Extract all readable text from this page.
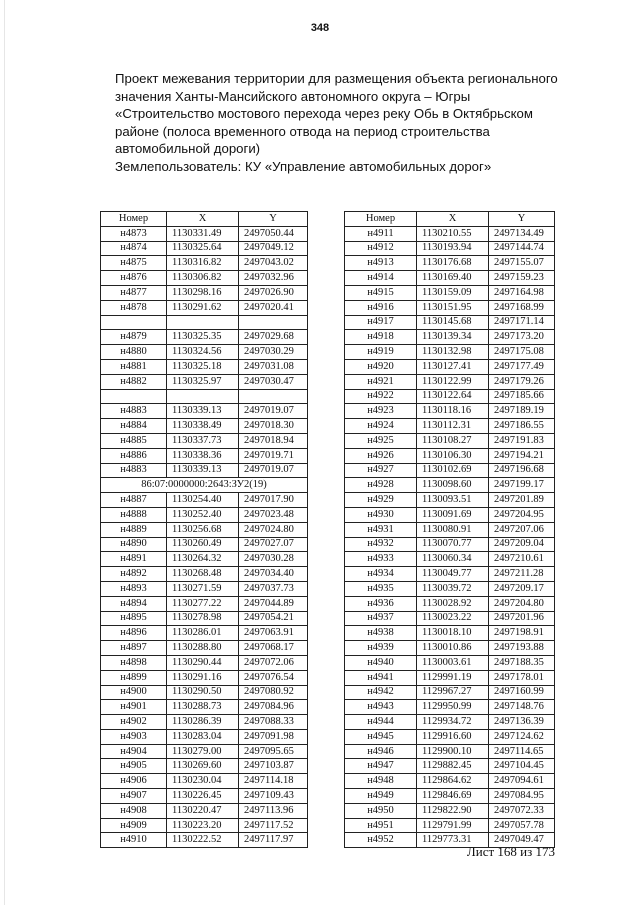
348
Проект межевания территории для размещения объекта регионального
значения Ханты-Мансийского автономного округа – Югры
«Строительство мостового перехода через реку Обь в Октябрьском
районе (полоса временного отвода на период строительства
автомобильной дороги)
Землепользователь: КУ «Управление автомобильных дорог»
Номер	X	Y
н4873	1130331.49	2497050.44
н4874	1130325.64	2497049.12
н4875	1130316.82	2497043.02
н4876	1130306.82	2497032.96
н4877	1130298.16	2497026.90
н4878	1130291.62	2497020.41

н4879	1130325.35	2497029.68
н4880	1130324.56	2497030.29
н4881	1130325.18	2497031.08
н4882	1130325.97	2497030.47

н4883	1130339.13	2497019.07
н4884	1130338.49	2497018.30
н4885	1130337.73	2497018.94
н4886	1130338.36	2497019.71
н4883	1130339.13	2497019.07
86:07:0000000:2643:ЗУ2(19)		
н4887	1130254.40	2497017.90
н4888	1130252.40	2497023.48
н4889	1130256.68	2497024.80
н4890	1130260.49	2497027.07
н4891	1130264.32	2497030.28
н4892	1130268.48	2497034.40
н4893	1130271.59	2497037.73
н4894	1130277.22	2497044.89
н4895	1130278.98	2497054.21
н4896	1130286.01	2497063.91
н4897	1130288.80	2497068.17
н4898	1130290.44	2497072.06
н4899	1130291.16	2497076.54
н4900	1130290.50	2497080.92
н4901	1130288.73	2497084.96
н4902	1130286.39	2497088.33
н4903	1130283.04	2497091.98
н4904	1130279.00	2497095.65
н4905	1130269.60	2497103.87
н4906	1130230.04	2497114.18
н4907	1130226.45	2497109.43
н4908	1130220.47	2497113.96
н4909	1130223.20	2497117.52
н4910	1130222.52	2497117.97
Номер	X	Y
н4911	1130210.55	2497134.49
н4912	1130193.94	2497144.74
н4913	1130176.68	2497155.07
н4914	1130169.40	2497159.23
н4915	1130159.09	2497164.98
н4916	1130151.95	2497168.99
н4917	1130145.68	2497171.14
н4918	1130139.34	2497173.20
н4919	1130132.98	2497175.08
н4920	1130127.41	2497177.49
н4921	1130122.99	2497179.26
н4922	1130122.64	2497185.66
н4923	1130118.16	2497189.19
н4924	1130112.31	2497186.55
н4925	1130108.27	2497191.83
н4926	1130106.30	2497194.21
н4927	1130102.69	2497196.68
н4928	1130098.60	2497199.17
н4929	1130093.51	2497201.89
н4930	1130091.69	2497204.95
н4931	1130080.91	2497207.06
н4932	1130070.77	2497209.04
н4933	1130060.34	2497210.61
н4934	1130049.77	2497211.28
н4935	1130039.72	2497209.17
н4936	1130028.92	2497204.80
н4937	1130023.22	2497201.96
н4938	1130018.10	2497198.91
н4939	1130010.86	2497193.88
н4940	1130003.61	2497188.35
н4941	1129991.19	2497178.01
н4942	1129967.27	2497160.99
н4943	1129950.99	2497148.76
н4944	1129934.72	2497136.39
н4945	1129916.60	2497124.62
н4946	1129900.10	2497114.65
н4947	1129882.45	2497104.45
н4948	1129864.62	2497094.61
н4949	1129846.69	2497084.95
н4950	1129822.90	2497072.33
н4951	1129791.99	2497057.78
н4952	1129773.31	2497049.47
Лист 168 из 173
